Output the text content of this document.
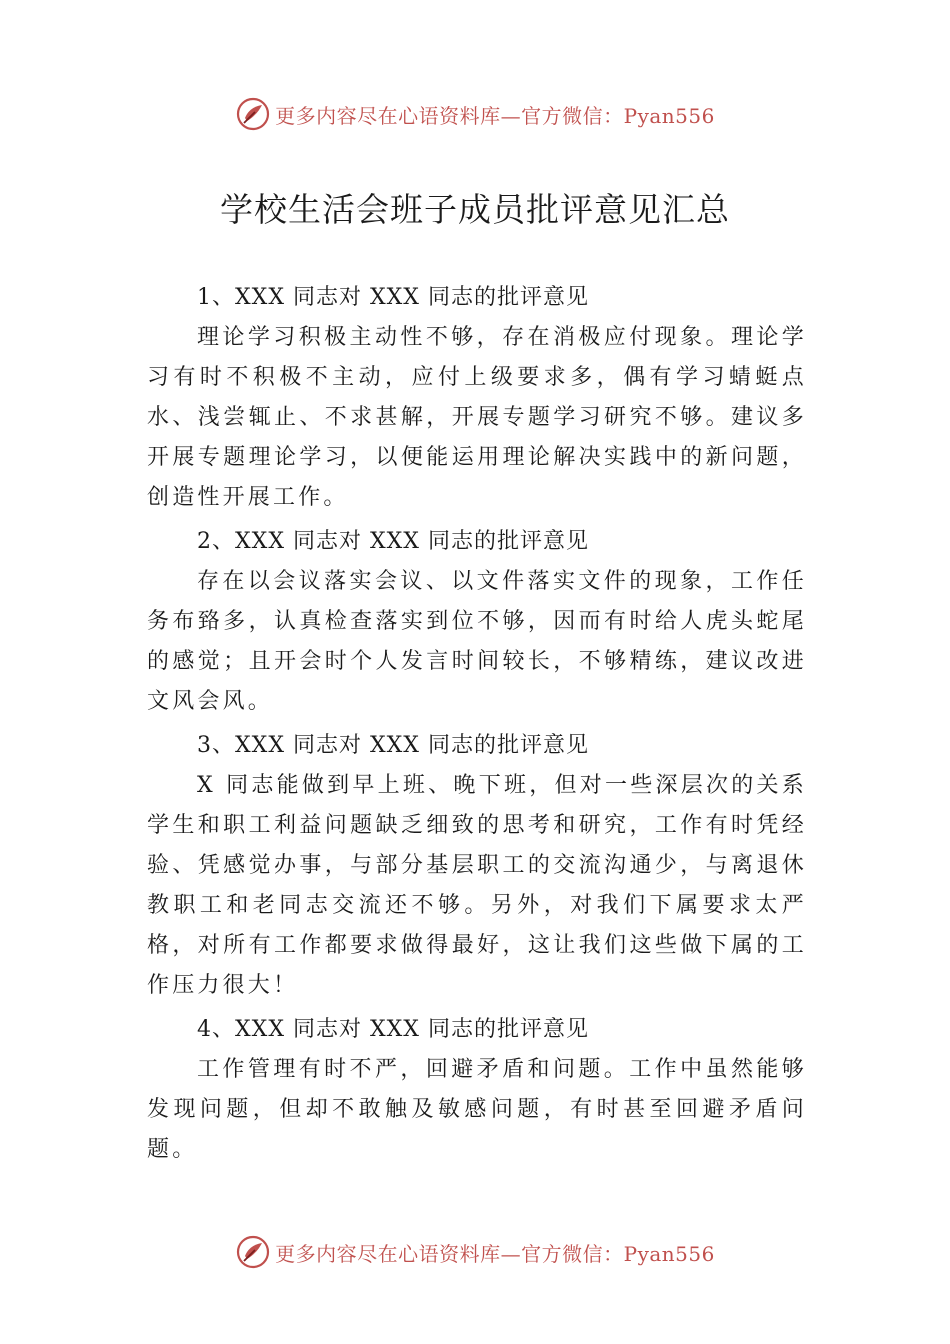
更多内容尽在心语资料库—官方微信：Pyan556
学校生活会班子成员批评意见汇总

1、XXX 同志对 XXX 同志的批评意见

理论学习积极主动性不够，存在消极应付现象。理论学习有时不积极不主动，应付上级要求多，偶有学习蜻蜓点水、浅尝辄止、不求甚解，开展专题学习研究不够。建议多开展专题理论学习，以便能运用理论解决实践中的新问题，创造性开展工作。

2、XXX 同志对 XXX 同志的批评意见

存在以会议落实会议、以文件落实文件的现象，工作任务布臵多，认真检查落实到位不够，因而有时给人虎头蛇尾的感觉；且开会时个人发言时间较长，不够精练，建议改进文风会风。

3、XXX 同志对 XXX 同志的批评意见

X 同志能做到早上班、晚下班，但对一些深层次的关系学生和职工利益问题缺乏细致的思考和研究，工作有时凭经验、凭感觉办事，与部分基层职工的交流沟通少，与离退休教职工和老同志交流还不够。另外，对我们下属要求太严格，对所有工作都要求做得最好，这让我们这些做下属的工作压力很大！

4、XXX 同志对 XXX 同志的批评意见

工作管理有时不严，回避矛盾和问题。工作中虽然能够发现问题，但却不敢触及敏感问题，有时甚至回避矛盾问题。

更多内容尽在心语资料库—官方微信：Pyan556
